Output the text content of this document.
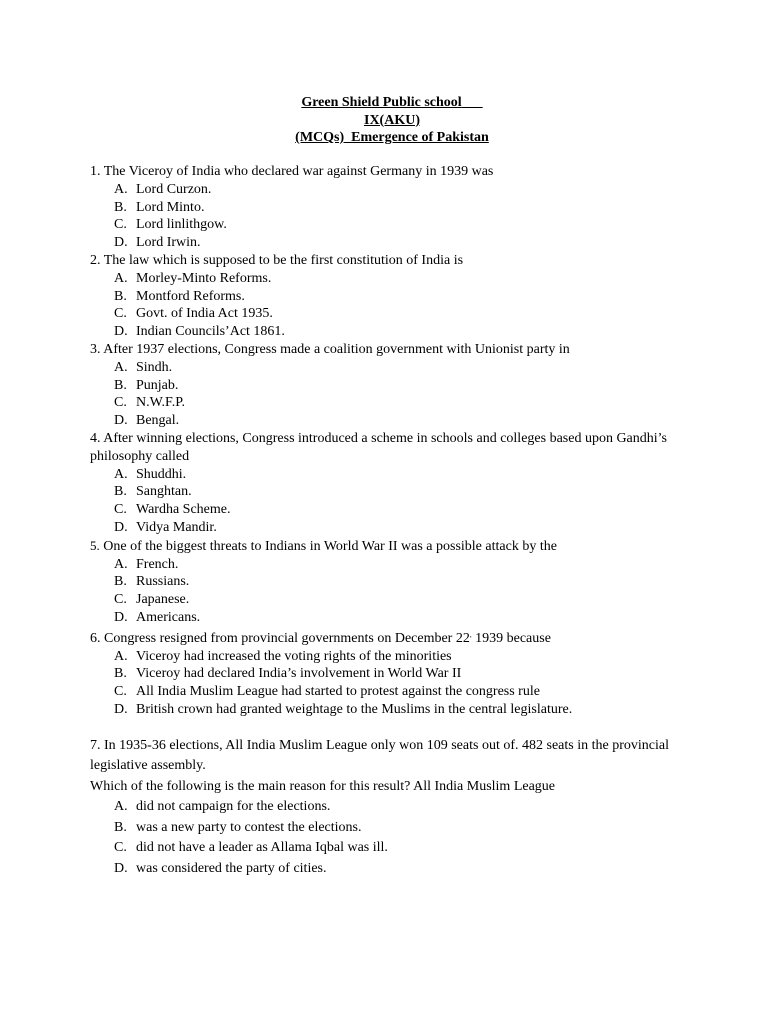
Green Shield Public school
IX(AKU)
(MCQs)  Emergence of Pakistan

1. The Viceroy of India who declared war against Germany in 1939 was

A. Lord Curzon.
B. Lord Minto.
C. Lord linlithgow.
D. Lord Irwin.

2. The law which is supposed to be the first constitution of India is

A. Morley-Minto Reforms.
B. Montford Reforms.
C. Govt. of India Act 1935.
D. Indian Councils’Act 1861.

3. After 1937 elections, Congress made a coalition government with Unionist party in

A. Sindh.
B. Punjab.
C. N.W.F.P.
D. Bengal.

4. After winning elections, Congress introduced a scheme in schools and colleges based upon Gandhi’s philosophy called

A. Shuddhi.
B. Sanghtan.
C. Wardha Scheme.
D. Vidya Mandir.

5. One of the biggest threats to Indians in World War II was a possible attack by the

A. French.
B. Russians.
C. Japanese.
D. Americans.

6. Congress resigned from provincial governments on December 22, 1939 because

A. Viceroy had increased the voting rights of the minorities
B. Viceroy had declared India’s involvement in World War II
C. All India Muslim League had started to protest against the congress rule
D. British crown had granted weightage to the Muslims in the central legislature.

7. In 1935-36 elections, All India Muslim League only won 109 seats out of. 482 seats in the provincial legislative assembly.

Which of the following is the main reason for this result? All India Muslim League

A. did not campaign for the elections.
B. was a new party to contest the elections.
C. did not have a leader as Allama Iqbal was ill.
D. was considered the party of cities.
